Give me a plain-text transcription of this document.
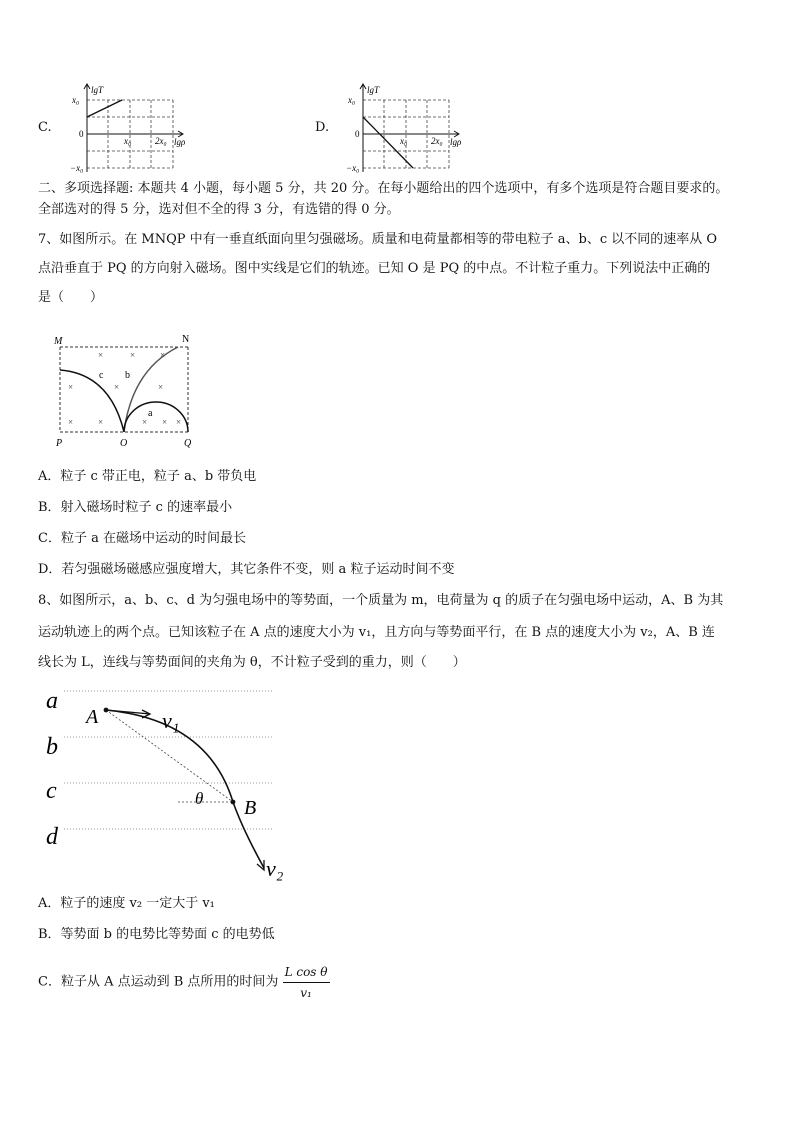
C.
lgT
x₀
0
−x₀
x₀	2x₀ lgρ
D.
lgT
x₀
0
−x₀
x₀	2x₀ lgρ
二、多项选择题: 本题共 4 小题，每小题 5 分，共 20 分。在每小题给出的四个选项中，有多个选项是符合题目要求的。
全部选对的得 5 分，选对但不全的得 3 分，有选错的得 0 分。
7、如图所示。在 MNQP 中有一垂直纸面向里匀强磁场。质量和电荷量都相等的带电粒子 a、b、c 以不同的速率从 O
点沿垂直于 PQ 的方向射入磁场。图中实线是它们的轨迹。已知 O 是 PQ 的中点。不计粒子重力。下列说法中正确的
是（　　）
×	×	×
×	×	×
×	×	× × ×
M	N
P	O	Q
c b
a
A．粒子 c 带正电，粒子 a、b 带负电
B．射入磁场时粒子 c 的速率最小
C．粒子 a 在磁场中运动的时间最长
D．若匀强磁场磁感应强度增大，其它条件不变，则 a 粒子运动时间不变
8、如图所示，a、b、c、d 为匀强电场中的等势面，一个质量为 m，电荷量为 q 的质子在匀强电场中运动，A、B 为其
运动轨迹上的两个点。已知该粒子在 A 点的速度大小为 v₁，且方向与等势面平行，在 B 点的速度大小为 v₂，A、B 连
线长为 L，连线与等势面间的夹角为 θ，不计粒子受到的重力，则（　　）
a
b
c
d
A
B
v₁
v₂
θ
A．粒子的速度 v₂ 一定大于 v₁
B．等势面 b 的电势比等势面 c 的电势低
C．粒子从 A 点运动到 B 点所用的时间为 $\frac{\text{L cos θ}}{\text{v₁}}$
